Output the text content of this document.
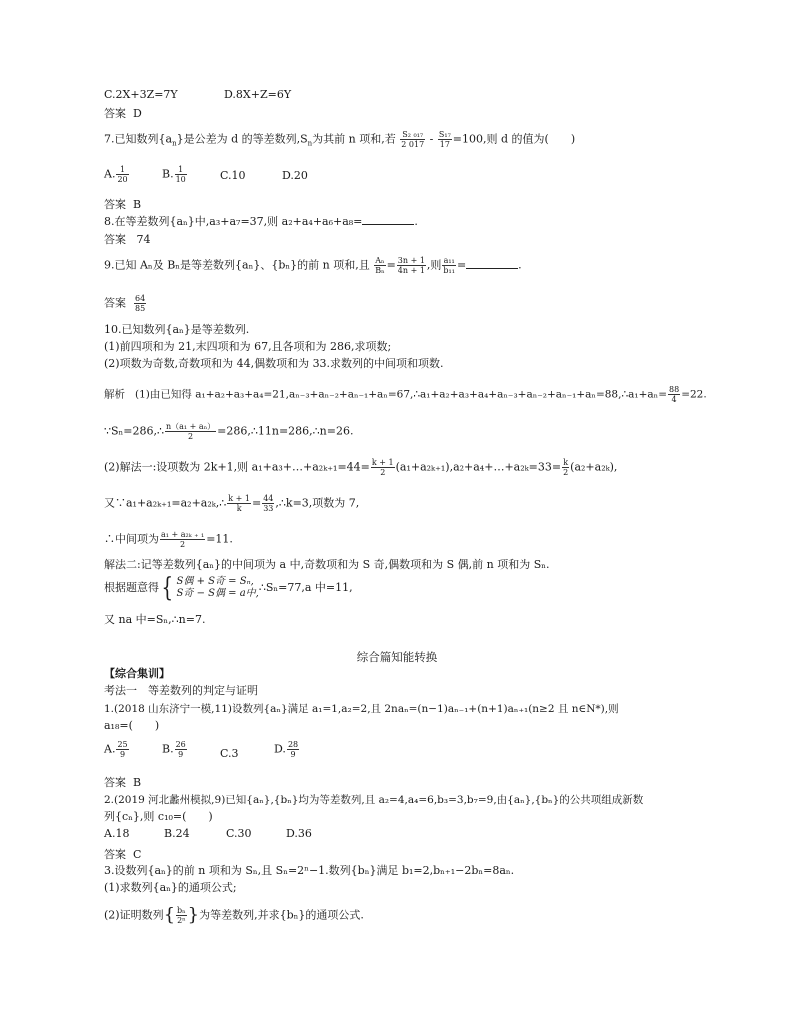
C.2X+3Z=7Y	D.8X+Z=6Y
答案 D
7.已知数列$\{a_n\}$是公差为 d 的等差数列$,S_n$为其前 n 项和,若 $\frac{\text{S₂ ₀₁₇}}{2 017} - \frac{\text{S₁₇}}{17} =100$,则 d 的值为(　　)
A. $\frac{1}{20}$	B. $\frac{1}{10}$	C.10	D.20
答案 B
8.在等差数列{aₙ}中,a₃+a₇=37,则 a₂+a₄+a₆+a₈=	.
答案 74
9.已知 Aₙ及 Bₙ是等差数列{aₙ}、{bₙ}的前 n 项和,且 $\frac{\text{Aₙ}}{\text{Bₙ}} = \frac{3n + 1}{4n + 1}$ ,则 $\frac{\text{a₁₁}}{\text{b₁₁}}$ =	.
答案 $\frac{64}{85}$
10.已知数列{aₙ}是等差数列.
(1)前四项和为 21,末四项和为 67,且各项和为 286,求项数;
(2)项数为奇数,奇数项和为 44,偶数项和为 33.求数列的中间项和项数.
解析 (1)由已知得 a₁+a₂+a₃+a₄=21,aₙ₋₃+aₙ₋₂+aₙ₋₁+aₙ=67,∴a₁+a₂+a₃+a₄+aₙ₋₃+aₙ₋₂+aₙ₋₁+aₙ=88,∴a₁+aₙ= $\frac{88}{4} =22$.
∵Sₙ=286,∴ $\frac{\text{n（a₁ + aₙ）}}{2}$ =286,∴11n=286,∴n=26.
(2)解法一:设项数为 2k+1,则 a₁+a₃+…+a₂ₖ₊₁=44= $\frac{k + 1}{2}$ (a₁+a₂ₖ₊₁),a₂+a₄+…+a₂ₖ=33= $\frac{k}{2} (a_2+a_{2k})$,
又∵a₁+a₂ₖ₊₁=a₂+a₂ₖ,∴ $\frac{k + 1}{k} = \frac{44}{33}$ ,∴k=3,项数为 7,
∴中间项为 $\frac{\text{a₁ + a₂ₖ ₊ ₁}}{2} =11$.
解法二:记等差数列{aₙ}的中间项为 a 中,奇数项和为 S 奇,偶数项和为 S 偶,前 n 项和为 Sₙ.
根据题意得{ S偶 + S奇 = Sₙ,
S奇 − S偶 = a中, ∴Sₙ=77,a 中=11,
又 na 中=Sₙ,∴n=7.
综合篇知能转换
【综合集训】
考法一　等差数列的判定与证明
1.(2018 山东济宁一模,11)设数列{aₙ}满足 a₁=1,a₂=2,且 2naₙ=(n−1)aₙ₋₁+(n+1)aₙ₊₁(n≥2 且 n∈N*),则
a₁₈=(　　)
A. $\frac{25}{9}$	B. $\frac{26}{9}$	C.3	D. $\frac{28}{9}$
答案 B
2.(2019 河北蠡州模拟,9)已知{aₙ},{bₙ}均为等差数列,且 a₂=4,a₄=6,b₃=3,b₇=9,由{aₙ},{bₙ}的公共项组成新数
列{cₙ},则 c₁₀=(　　)
A.18	B.24	C.30	D.36
答案 C
3.设数列{aₙ}的前 n 项和为 Sₙ,且 Sₙ=2ⁿ−1.数列{bₙ}满足 b₁=2,bₙ₊₁−2bₙ=8aₙ.
(1)求数列{aₙ}的通项公式;
(2)证明数列{ $\frac{\text{bₙ}}{\text{2ⁿ}}$ }为等差数列,并求{bₙ}的通项公式.
